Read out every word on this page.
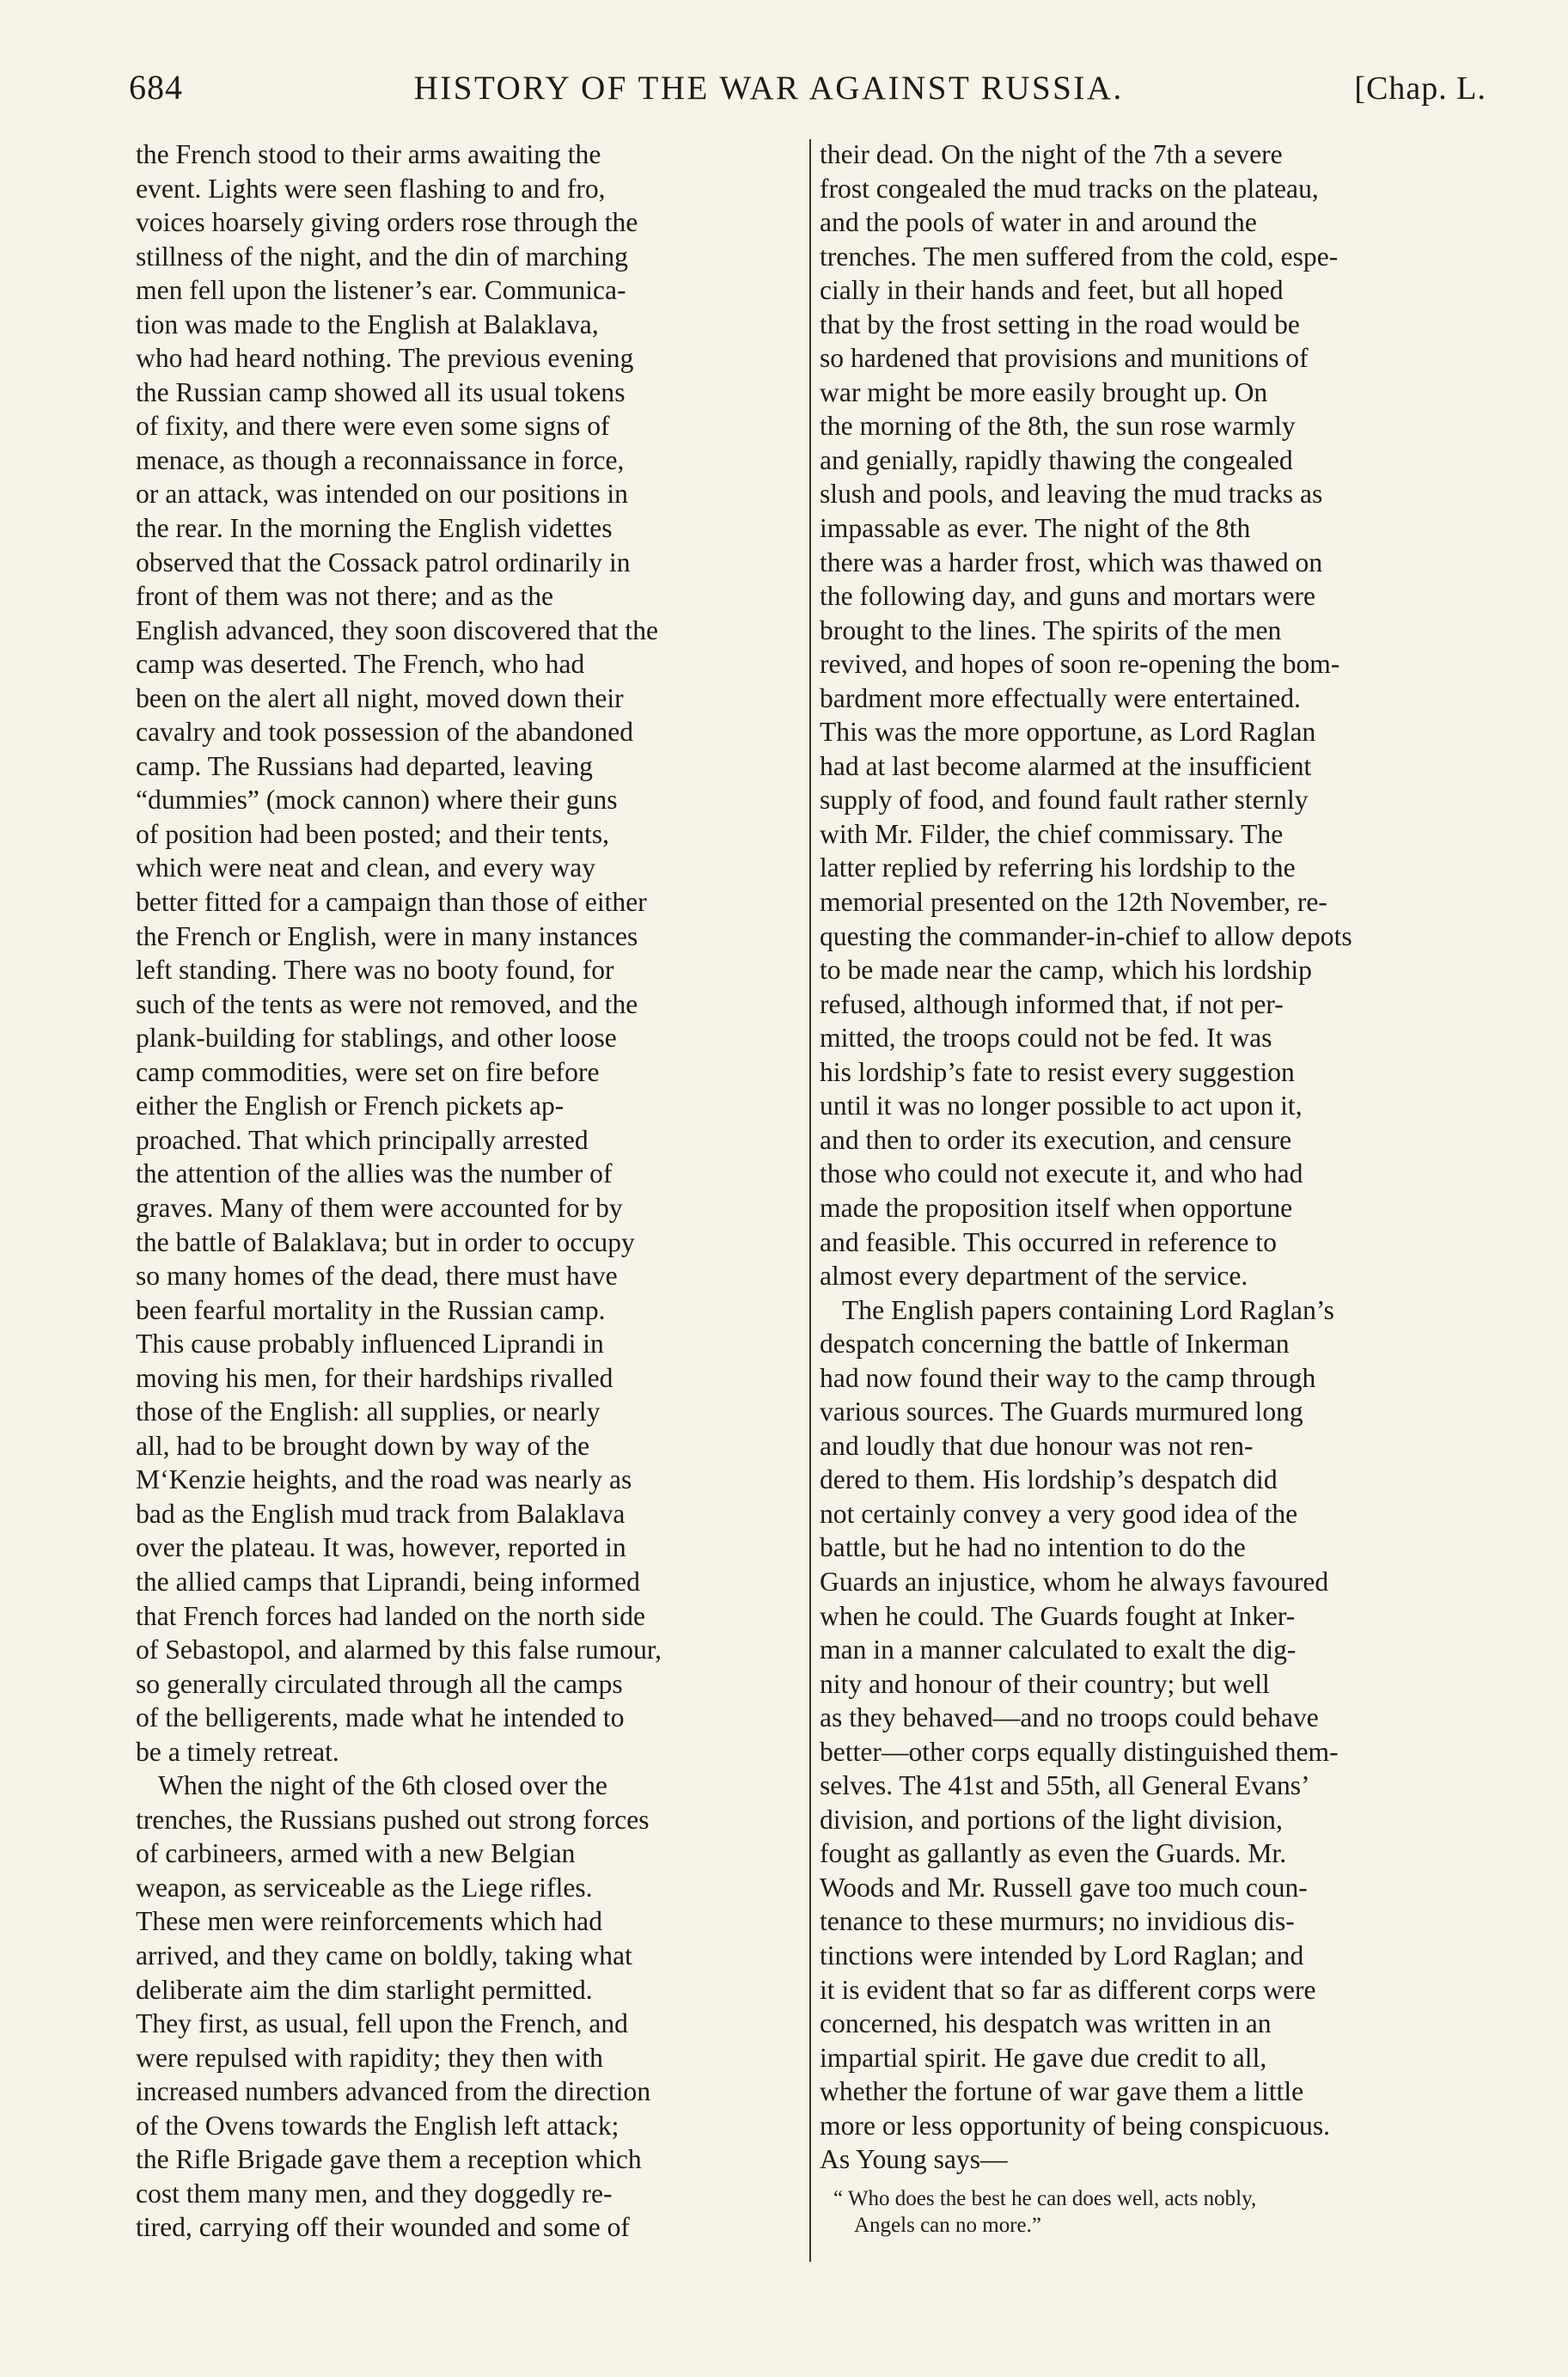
684	HISTORY OF THE WAR AGAINST RUSSIA.	[Chap. L.
the French stood to their arms awaiting the
event. Lights were seen flashing to and fro,
voices hoarsely giving orders rose through the
stillness of the night, and the din of marching
men fell upon the listener’s ear. Communica-
tion was made to the English at Balaklava,
who had heard nothing. The previous evening
the Russian camp showed all its usual tokens
of fixity, and there were even some signs of
menace, as though a reconnaissance in force,
or an attack, was intended on our positions in
the rear. In the morning the English videttes
observed that the Cossack patrol ordinarily in
front of them was not there; and as the
English advanced, they soon discovered that the
camp was deserted. The French, who had
been on the alert all night, moved down their
cavalry and took possession of the abandoned
camp. The Russians had departed, leaving
“dummies” (mock cannon) where their guns
of position had been posted; and their tents,
which were neat and clean, and every way
better fitted for a campaign than those of either
the French or English, were in many instances
left standing. There was no booty found, for
such of the tents as were not removed, and the
plank-building for stablings, and other loose
camp commodities, were set on fire before
either the English or French pickets ap-
proached. That which principally arrested
the attention of the allies was the number of
graves. Many of them were accounted for by
the battle of Balaklava; but in order to occupy
so many homes of the dead, there must have
been fearful mortality in the Russian camp.
This cause probably influenced Liprandi in
moving his men, for their hardships rivalled
those of the English: all supplies, or nearly
all, had to be brought down by way of the
M‘Kenzie heights, and the road was nearly as
bad as the English mud track from Balaklava
over the plateau. It was, however, reported in
the allied camps that Liprandi, being informed
that French forces had landed on the north side
of Sebastopol, and alarmed by this false rumour,
so generally circulated through all the camps
of the belligerents, made what he intended to
be a timely retreat.
When the night of the 6th closed over the
trenches, the Russians pushed out strong forces
of carbineers, armed with a new Belgian
weapon, as serviceable as the Liege rifles.
These men were reinforcements which had
arrived, and they came on boldly, taking what
deliberate aim the dim starlight permitted.
They first, as usual, fell upon the French, and
were repulsed with rapidity; they then with
increased numbers advanced from the direction
of the Ovens towards the English left attack;
the Rifle Brigade gave them a reception which
cost them many men, and they doggedly re-
tired, carrying off their wounded and some of
their dead. On the night of the 7th a severe
frost congealed the mud tracks on the plateau,
and the pools of water in and around the
trenches. The men suffered from the cold, espe-
cially in their hands and feet, but all hoped
that by the frost setting in the road would be
so hardened that provisions and munitions of
war might be more easily brought up. On
the morning of the 8th, the sun rose warmly
and genially, rapidly thawing the congealed
slush and pools, and leaving the mud tracks as
impassable as ever. The night of the 8th
there was a harder frost, which was thawed on
the following day, and guns and mortars were
brought to the lines. The spirits of the men
revived, and hopes of soon re-opening the bom-
bardment more effectually were entertained.
This was the more opportune, as Lord Raglan
had at last become alarmed at the insufficient
supply of food, and found fault rather sternly
with Mr. Filder, the chief commissary. The
latter replied by referring his lordship to the
memorial presented on the 12th November, re-
questing the commander-in-chief to allow depots
to be made near the camp, which his lordship
refused, although informed that, if not per-
mitted, the troops could not be fed. It was
his lordship’s fate to resist every suggestion
until it was no longer possible to act upon it,
and then to order its execution, and censure
those who could not execute it, and who had
made the proposition itself when opportune
and feasible. This occurred in reference to
almost every department of the service.
The English papers containing Lord Raglan’s
despatch concerning the battle of Inkerman
had now found their way to the camp through
various sources. The Guards murmured long
and loudly that due honour was not ren-
dered to them. His lordship’s despatch did
not certainly convey a very good idea of the
battle, but he had no intention to do the
Guards an injustice, whom he always favoured
when he could. The Guards fought at Inker-
man in a manner calculated to exalt the dig-
nity and honour of their country; but well
as they behaved—and no troops could behave
better—other corps equally distinguished them-
selves. The 41st and 55th, all General Evans’
division, and portions of the light division,
fought as gallantly as even the Guards. Mr.
Woods and Mr. Russell gave too much coun-
tenance to these murmurs; no invidious dis-
tinctions were intended by Lord Raglan; and
it is evident that so far as different corps were
concerned, his despatch was written in an
impartial spirit. He gave due credit to all,
whether the fortune of war gave them a little
more or less opportunity of being conspicuous.
As Young says—
“ Who does the best he can does well, acts nobly,
Angels can no more.”
